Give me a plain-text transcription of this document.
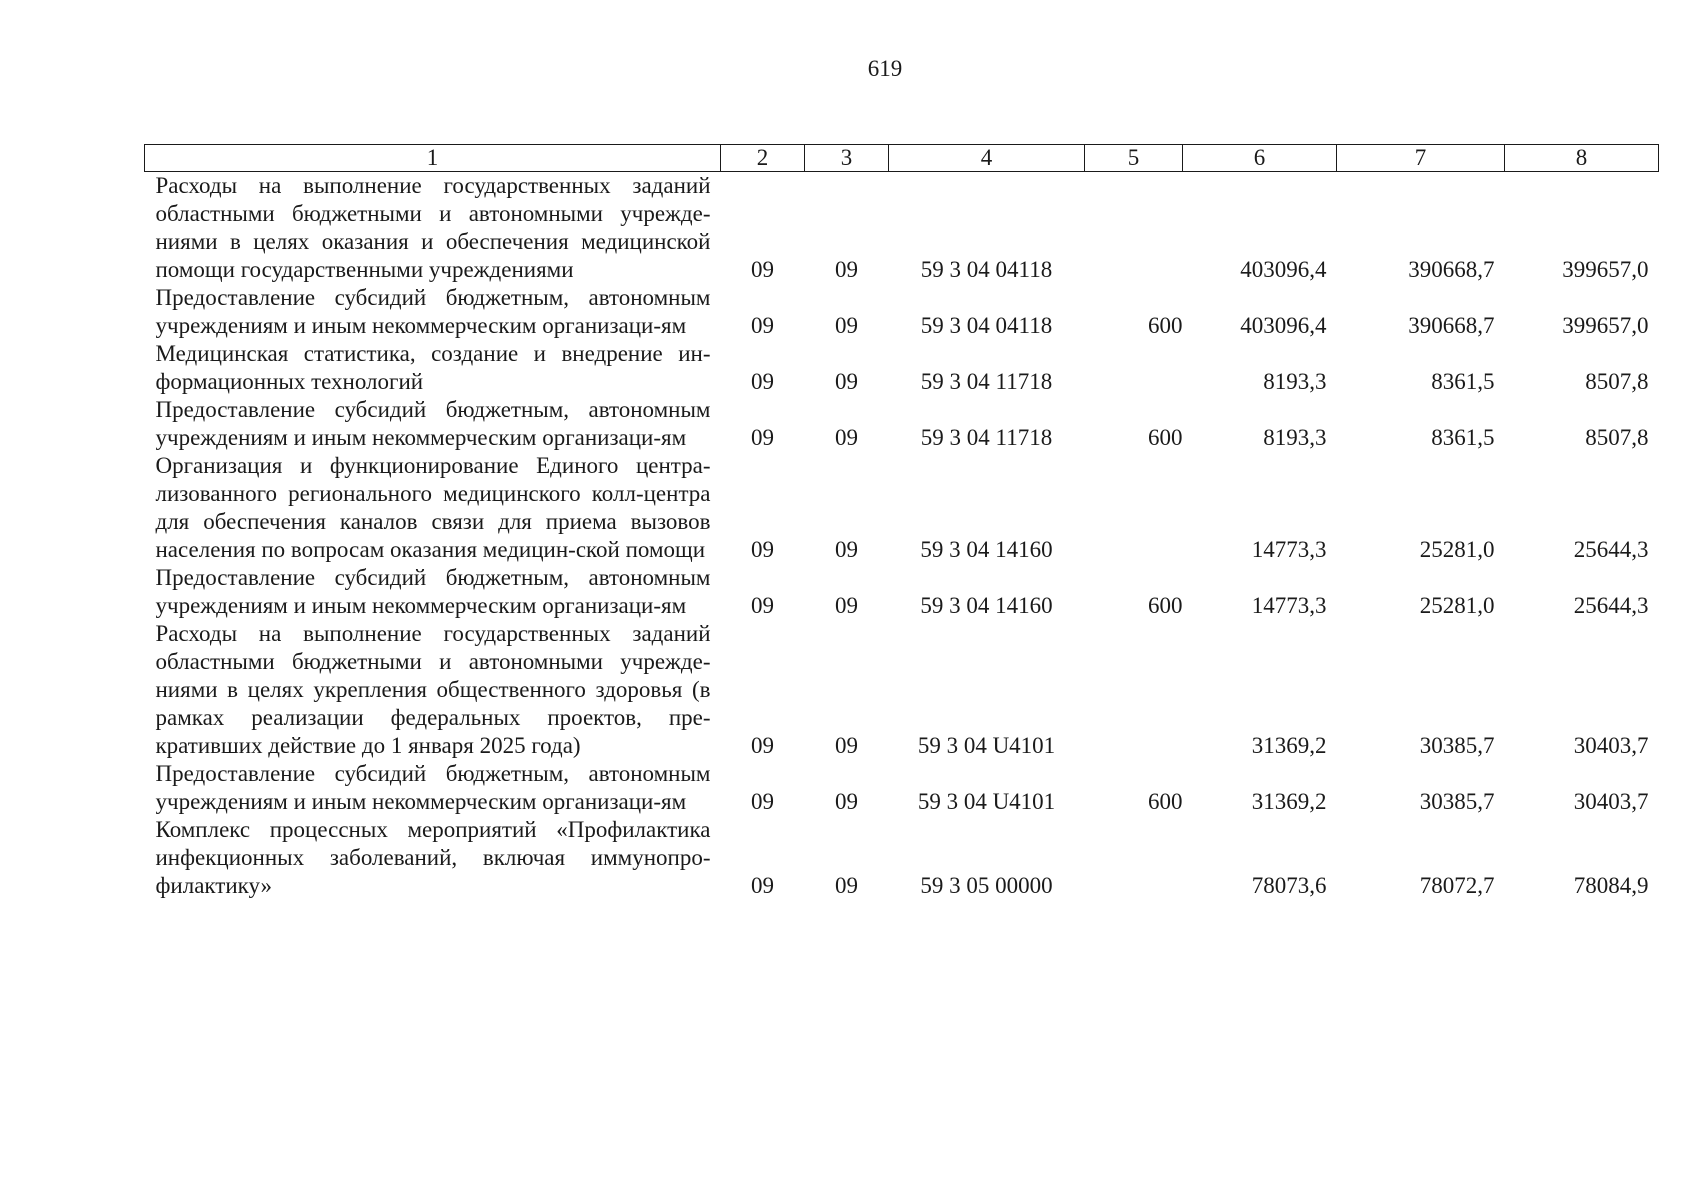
619
1	2	3	4	5	6	7	8
Расходы на выполнение государственных заданий областными бюджетными и автономными учрежде-ниями в целях оказания и обеспечения медицинской помощи государственными учреждениями	09	09	59 3 04 04118		403096,4	390668,7	399657,0
Предоставление субсидий бюджетным, автономным учреждениям и иным некоммерческим организаци-ям	09	09	59 3 04 04118	600	403096,4	390668,7	399657,0
Медицинская статистика, создание и внедрение ин-формационных технологий	09	09	59 3 04 11718		8193,3	8361,5	8507,8
Предоставление субсидий бюджетным, автономным учреждениям и иным некоммерческим организаци-ям	09	09	59 3 04 11718	600	8193,3	8361,5	8507,8
Организация и функционирование Единого центра-лизованного регионального медицинского колл-центра для обеспечения каналов связи для приема вызовов населения по вопросам оказания медицин-ской помощи	09	09	59 3 04 14160		14773,3	25281,0	25644,3
Предоставление субсидий бюджетным, автономным учреждениям и иным некоммерческим организаци-ям	09	09	59 3 04 14160	600	14773,3	25281,0	25644,3
Расходы на выполнение государственных заданий областными бюджетными и автономными учрежде-ниями в целях укрепления общественного здоровья (в рамках реализации федеральных проектов, пре-кративших действие до 1 января 2025 года)	09	09	59 3 04 U4101		31369,2	30385,7	30403,7
Предоставление субсидий бюджетным, автономным учреждениям и иным некоммерческим организаци-ям	09	09	59 3 04 U4101	600	31369,2	30385,7	30403,7
Комплекс процессных мероприятий «Профилактика инфекционных заболеваний, включая иммунопро-филактику»	09	09	59 3 05 00000		78073,6	78072,7	78084,9
